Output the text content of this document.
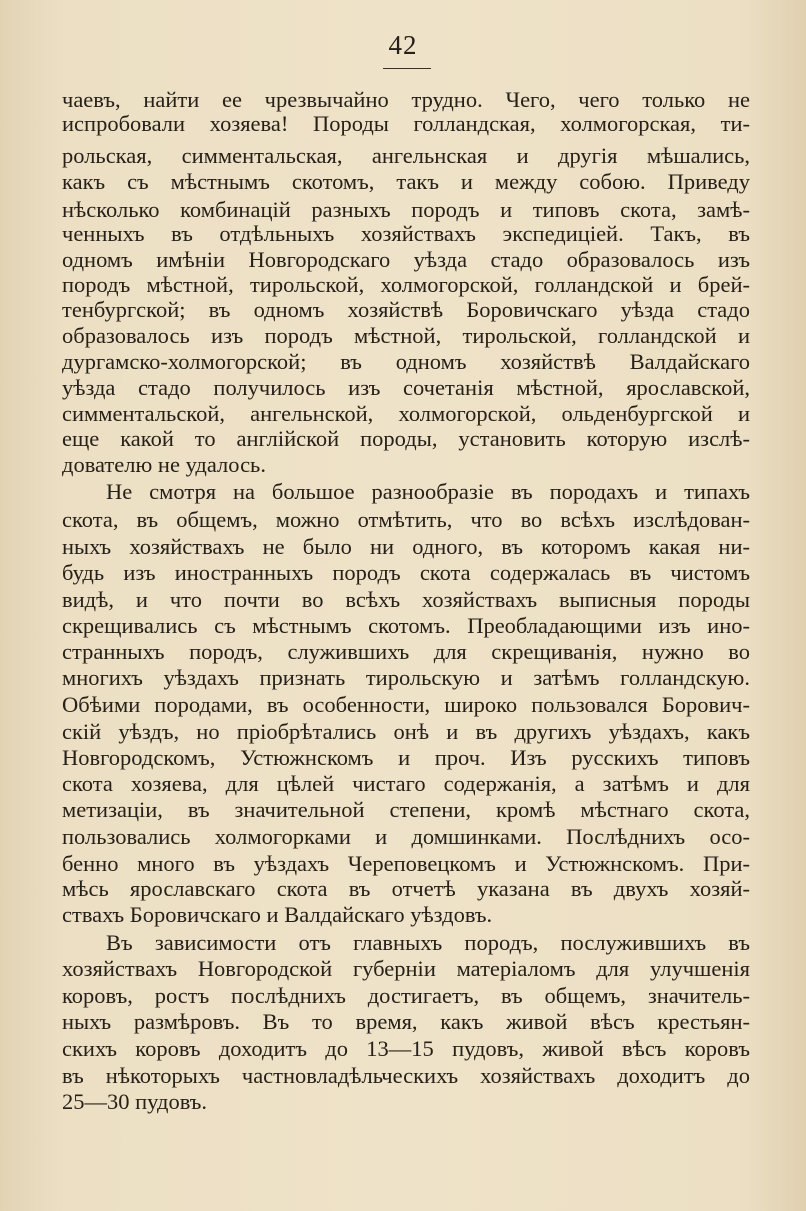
42
чаевъ, найти ее чрезвычайно трудно. Чего, чего только не
испробовали хозяева! Породы голландская, холмогорская, ти-
рольская, симментальская, ангельнская и другія мѣшались,
какъ съ мѣстнымъ скотомъ, такъ и между собою. Приведу
нѣсколько комбинацій разныхъ породъ и типовъ скота, замѣ-
ченныхъ въ отдѣльныхъ хозяйствахъ экспедиціей. Такъ, въ
одномъ имѣніи Новгородскаго уѣзда стадо образовалось изъ
породъ мѣстной, тирольской, холмогорской, голландской и брей-
тенбургской; въ одномъ хозяйствѣ Боровичскаго уѣзда стадо
образовалось изъ породъ мѣстной, тирольской, голландской и
дургамско-холмогорской; въ одномъ хозяйствѣ Валдайскаго
уѣзда стадо получилось изъ сочетанія мѣстной, ярославской,
симментальской, ангельнской, холмогорской, ольденбургской и
еще какой то англійской породы, установить которую изслѣ-
дователю не удалось.
Не смотря на большое разнообразіе въ породахъ и типахъ
скота, въ общемъ, можно отмѣтить, что во всѣхъ изслѣдован-
ныхъ хозяйствахъ не было ни одного, въ которомъ какая ни-
будь изъ иностранныхъ породъ скота содержалась въ чистомъ
видѣ, и что почти во всѣхъ хозяйствахъ выписныя породы
скрещивались съ мѣстнымъ скотомъ. Преобладающими изъ ино-
странныхъ породъ, служившихъ для скрещиванія, нужно во
многихъ уѣздахъ признать тирольскую и затѣмъ голландскую.
Обѣими породами, въ особенности, широко пользовался Борович-
скій уѣздъ, но пріобрѣтались онѣ и въ другихъ уѣздахъ, какъ
Новгородскомъ, Устюжнскомъ и проч. Изъ русскихъ типовъ
скота хозяева, для цѣлей чистаго содержанія, а затѣмъ и для
метизаціи, въ значительной степени, кромѣ мѣстнаго скота,
пользовались холмогорками и домшинками. Послѣднихъ осо-
бенно много въ уѣздахъ Череповецкомъ и Устюжнскомъ. При-
мѣсь ярославскаго скота въ отчетѣ указана въ двухъ хозяй-
ствахъ Боровичскаго и Валдайскаго уѣздовъ.
Въ зависимости отъ главныхъ породъ, послужившихъ въ
хозяйствахъ Новгородской губерніи матеріаломъ для улучшенія
коровъ, ростъ послѣднихъ достигаетъ, въ общемъ, значитель-
ныхъ размѣровъ. Въ то время, какъ живой вѣсъ крестьян-
скихъ коровъ доходитъ до 13—15 пудовъ, живой вѣсъ коровъ
въ нѣкоторыхъ частновладѣльческихъ хозяйствахъ доходитъ до
25—30 пудовъ.
